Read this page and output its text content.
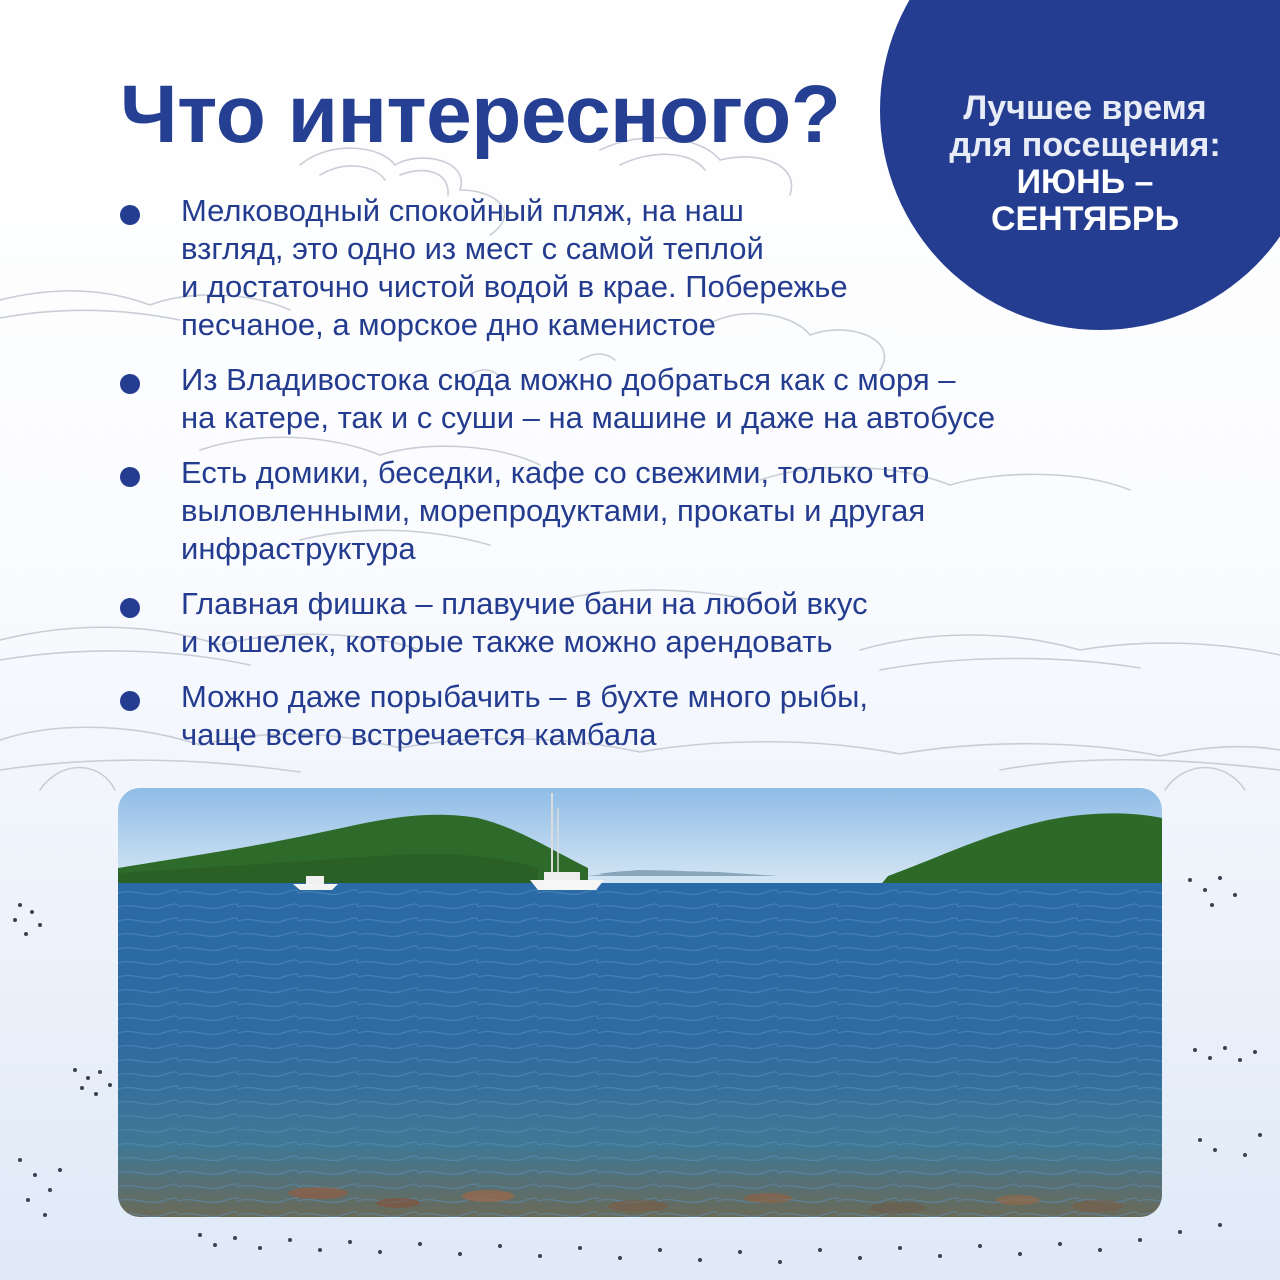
Лучшее время
для посещения:
ИЮНЬ –
СЕНТЯБРЬ
Что интересного?
Мелководный спокойный пляж, на наш
взгляд, это одно из мест с самой теплой
и достаточно чистой водой в крае. Побережье
песчаное, а морское дно каменистое
Из Владивостока сюда можно добраться как с моря –
на катере, так и с суши – на машине и даже на автобусе
Есть домики, беседки, кафе со свежими, только что
выловленными, морепродуктами, прокаты и другая
инфраструктура
Главная фишка – плавучие бани на любой вкус
и кошелек, которые также можно арендовать
Можно даже порыбачить – в бухте много рыбы,
чаще всего встречается камбала
